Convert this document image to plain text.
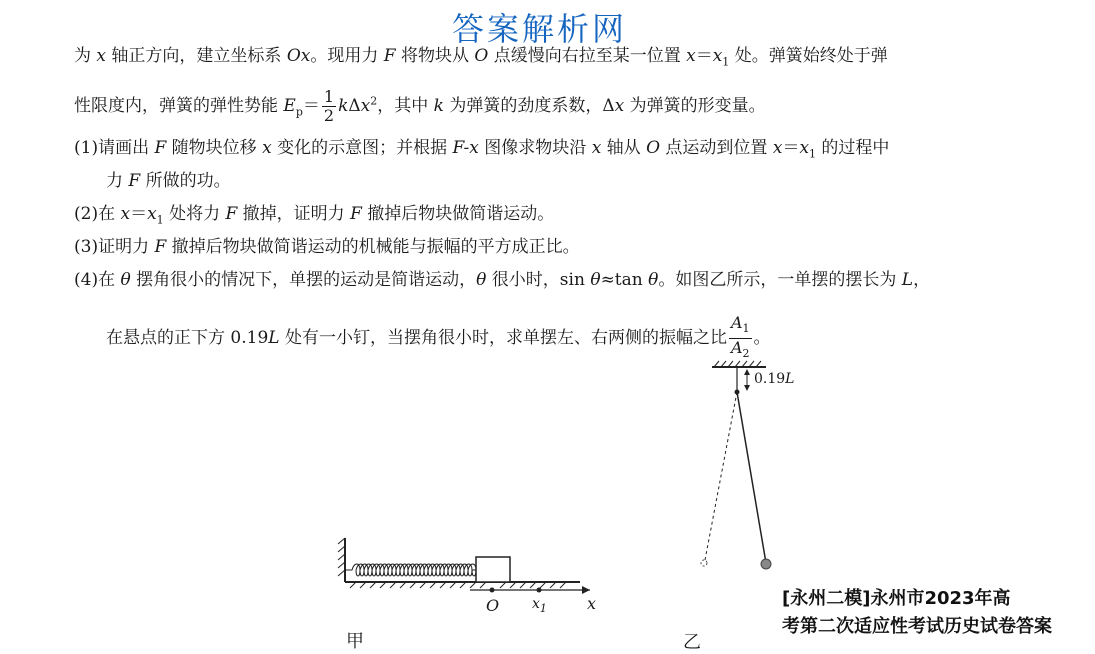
答案解析网
为 x 轴正方向，建立坐标系 Ox。现用力 F 将物块从 O 点缓慢向右拉至某一位置 $x=x_1$ 处。弹簧始终处于弹
性限度内，弹簧的弹性势能 $E_p= \frac{1}{2} k\Delta x^2$，其中 k 为弹簧的劲度系数，Δx 为弹簧的形变量。
(1)请画出 F 随物块位移 x 变化的示意图；并根据 F-x 图像求物块沿 x 轴从 O 点运动到位置 $x=x_1$ 的过程中
力 F 所做的功。
(2)在 $x=x_1$ 处将力 F 撤掉，证明力 F 撤掉后物块做简谐运动。
(3)证明力 F 撤掉后物块做简谐运动的机械能与振幅的平方成正比。
(4)在 θ 摆角很小的情况下，单摆的运动是简谐运动，θ 很小时，sin θ≈tan θ。如图乙所示，一单摆的摆长为 L，
在悬点的正下方 0.19L 处有一小钉，当摆角很小时，求单摆左、右两侧的振幅之比 $\frac{A_1}{A_2}$ 。
O $x_1$	x
甲
0.19L
乙
[永州二模]永州市2023年高
考第二次适应性考试历史试卷答案
